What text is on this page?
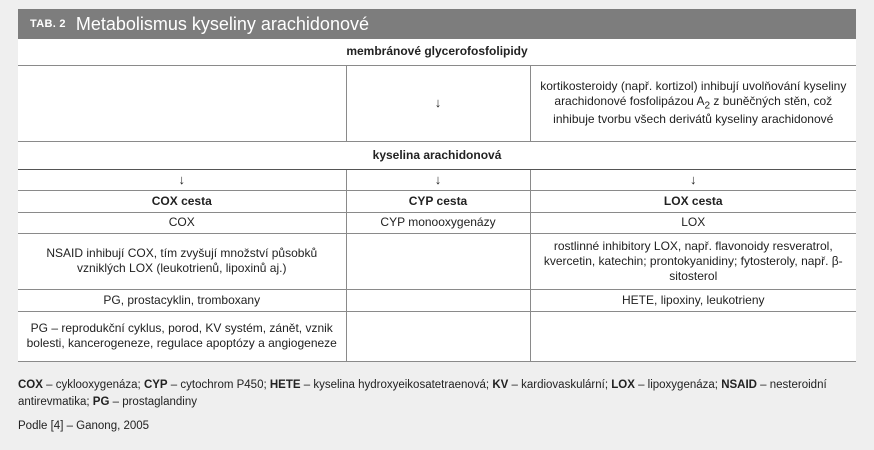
TAB. 2 Metabolismus kyseliny arachidonové
membránové glycerofosfolipidy		
	↓	kortikosteroidy (např. kortizol) inhibují uvolňování kyseliny arachidonové fosfolipázou $A_2$ z buněčných stěn, což inhibuje tvorbu všech derivátů kyseliny arachidonové
kyselina arachidonová		
↓	↓	↓
COX cesta	CYP cesta	LOX cesta
COX	CYP monooxygenázy	LOX
NSAID inhibují COX, tím zvyšují množství působků vzniklých LOX (leukotrienů, lipoxinů aj.)		rostlinné inhibitory LOX, např. flavonoidy resveratrol, kvercetin, katechin; prontokyanidiny; fytosteroly, např. β-sitosterol
PG, prostacyklin, tromboxany		HETE, lipoxiny, leukotrieny
PG – reprodukční cyklus, porod, KV systém, zánět, vznik bolesti, kancerogeneze, regulace apoptózy a angiogeneze		

COX – cyklooxygenáza; CYP – cytochrom P450; HETE – kyselina hydroxyeikosatetraenová; KV – kardiovaskulární; LOX – lipoxygenáza; NSAID – nesteroidní antirevmatika; PG – prostaglandiny

Podle [4] – Ganong, 2005
